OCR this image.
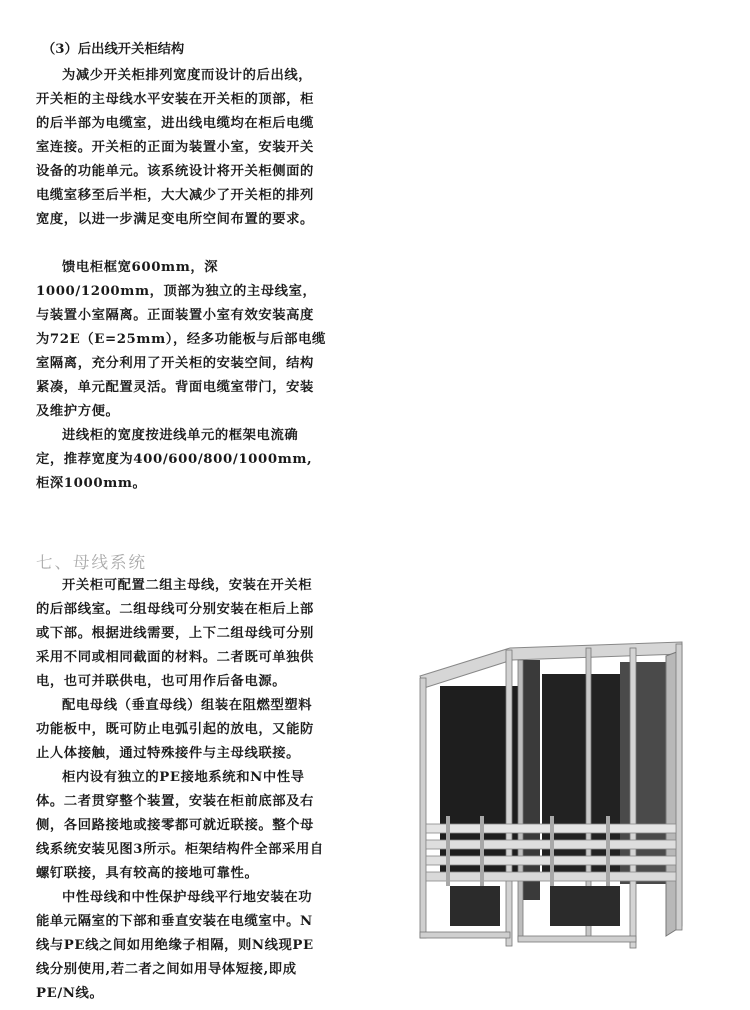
（3）后出线开关柜结构

为减少开关柜排列宽度而设计的后出线，开关柜的主母线水平安装在开关柜的顶部，柜的后半部为电缆室，进出线电缆均在柜后电缆室连接。开关柜的正面为装置小室，安装开关设备的功能单元。该系统设计将开关柜侧面的电缆室移至后半柜，大大减少了开关柜的排列宽度，以进一步满足变电所空间布置的要求。

馈电柜框宽600mm，深1000/1200mm，顶部为独立的主母线室，与装置小室隔离。正面装置小室有效安装高度为72E（E=25mm），经多功能板与后部电缆室隔离，充分利用了开关柜的安装空间，结构紧凑，单元配置灵活。背面电缆室带门，安装及维护方便。

进线柜的宽度按进线单元的框架电流确定，推荐宽度为400/600/800/1000mm,柜深1000mm。

七、母线系统

开关柜可配置二组主母线，安装在开关柜的后部线室。二组母线可分别安装在柜后上部或下部。根据进线需要，上下二组母线可分别采用不同或相同截面的材料。二者既可单独供电，也可并联供电，也可用作后备电源。

配电母线（垂直母线）组装在阻燃型塑料功能板中，既可防止电弧引起的放电，又能防止人体接触，通过特殊接件与主母线联接。

柜内设有独立的PE接地系统和N中性导体。二者贯穿整个装置，安装在柜前底部及右侧，各回路接地或接零都可就近联接。整个母线系统安装见图3所示。柜架结构件全部采用自螺钉联接，具有较高的接地可靠性。

中性母线和中性保护母线平行地安装在功能单元隔室的下部和垂直安装在电缆室中。N线与PE线之间如用绝缘子相隔，则N线现PE线分别使用,若二者之间如用导体短接,即成PE/N线。
